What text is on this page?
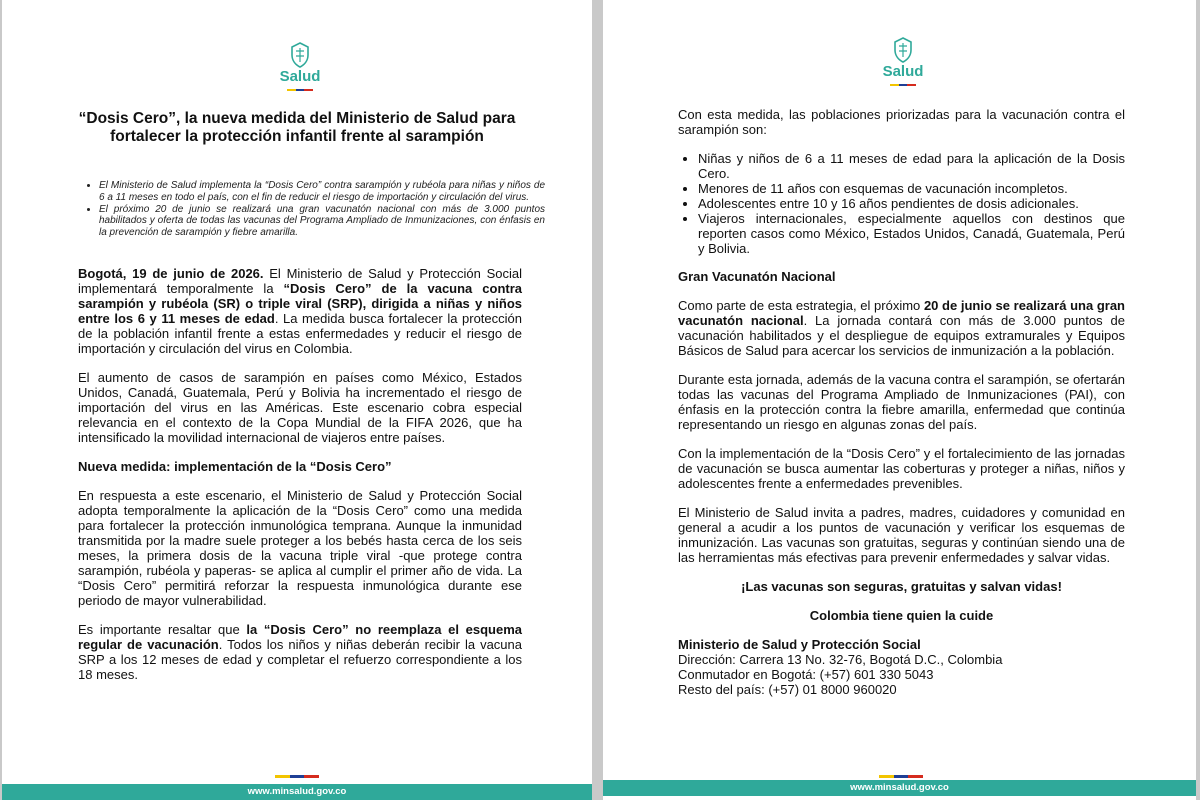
Salud
“Dosis Cero”, la nueva medida del Ministerio de Salud para fortalecer la protección infantil frente al sarampión
• El Ministerio de Salud implementa la “Dosis Cero” contra sarampión y rubéola para niñas y niños de 6 a 11 meses en todo el país, con el fin de reducir el riesgo de importación y circulación del virus.
• El próximo 20 de junio se realizará una gran vacunatón nacional con más de 3.000 puntos habilitados y oferta de todas las vacunas del Programa Ampliado de Inmunizaciones, con énfasis en la prevención de sarampión y fiebre amarilla.

Bogotá, 19 de junio de 2026. El Ministerio de Salud y Protección Social implementará temporalmente la “Dosis Cero” de la vacuna contra sarampión y rubéola (SR) o triple viral (SRP), dirigida a niñas y niños entre los 6 y 11 meses de edad. La medida busca fortalecer la protección de la población infantil frente a estas enfermedades y reducir el riesgo de importación y circulación del virus en Colombia.

El aumento de casos de sarampión en países como México, Estados Unidos, Canadá, Guatemala, Perú y Bolivia ha incrementado el riesgo de importación del virus en las Américas. Este escenario cobra especial relevancia en el contexto de la Copa Mundial de la FIFA 2026, que ha intensificado la movilidad internacional de viajeros entre países.

Nueva medida: implementación de la “Dosis Cero”

En respuesta a este escenario, el Ministerio de Salud y Protección Social adopta temporalmente la aplicación de la “Dosis Cero” como una medida para fortalecer la protección inmunológica temprana. Aunque la inmunidad transmitida por la madre suele proteger a los bebés hasta cerca de los seis meses, la primera dosis de la vacuna triple viral -que protege contra sarampión, rubéola y paperas- se aplica al cumplir el primer año de vida. La “Dosis Cero” permitirá reforzar la respuesta inmunológica durante ese periodo de mayor vulnerabilidad.

Es importante resaltar que la “Dosis Cero” no reemplaza el esquema regular de vacunación. Todos los niños y niñas deberán recibir la vacuna SRP a los 12 meses de edad y completar el refuerzo correspondiente a los 18 meses.

www.minsalud.gov.co
Salud

Con esta medida, las poblaciones priorizadas para la vacunación contra el sarampión son:

• Niñas y niños de 6 a 11 meses de edad para la aplicación de la Dosis Cero.
• Menores de 11 años con esquemas de vacunación incompletos.
• Adolescentes entre 10 y 16 años pendientes de dosis adicionales.
• Viajeros internacionales, especialmente aquellos con destinos que reporten casos como México, Estados Unidos, Canadá, Guatemala, Perú y Bolivia.
Gran Vacunatón Nacional

Como parte de esta estrategia, el próximo 20 de junio se realizará una gran vacunatón nacional. La jornada contará con más de 3.000 puntos de vacunación habilitados y el despliegue de equipos extramurales y Equipos Básicos de Salud para acercar los servicios de inmunización a la población.

Durante esta jornada, además de la vacuna contra el sarampión, se ofertarán todas las vacunas del Programa Ampliado de Inmunizaciones (PAI), con énfasis en la protección contra la fiebre amarilla, enfermedad que continúa representando un riesgo en algunas zonas del país.

Con la implementación de la “Dosis Cero” y el fortalecimiento de las jornadas de vacunación se busca aumentar las coberturas y proteger a niñas, niños y adolescentes frente a enfermedades prevenibles.

El Ministerio de Salud invita a padres, madres, cuidadores y comunidad en general a acudir a los puntos de vacunación y verificar los esquemas de inmunización. Las vacunas son gratuitas, seguras y continúan siendo una de las herramientas más efectivas para prevenir enfermedades y salvar vidas.

¡Las vacunas son seguras, gratuitas y salvan vidas!

Colombia tiene quien la cuide

Ministerio de Salud y Protección Social

Dirección: Carrera 13 No. 32-76, Bogotá D.C., Colombia

Conmutador en Bogotá: (+57) 601 330 5043

Resto del país: (+57) 01 8000 960020

www.minsalud.gov.co
